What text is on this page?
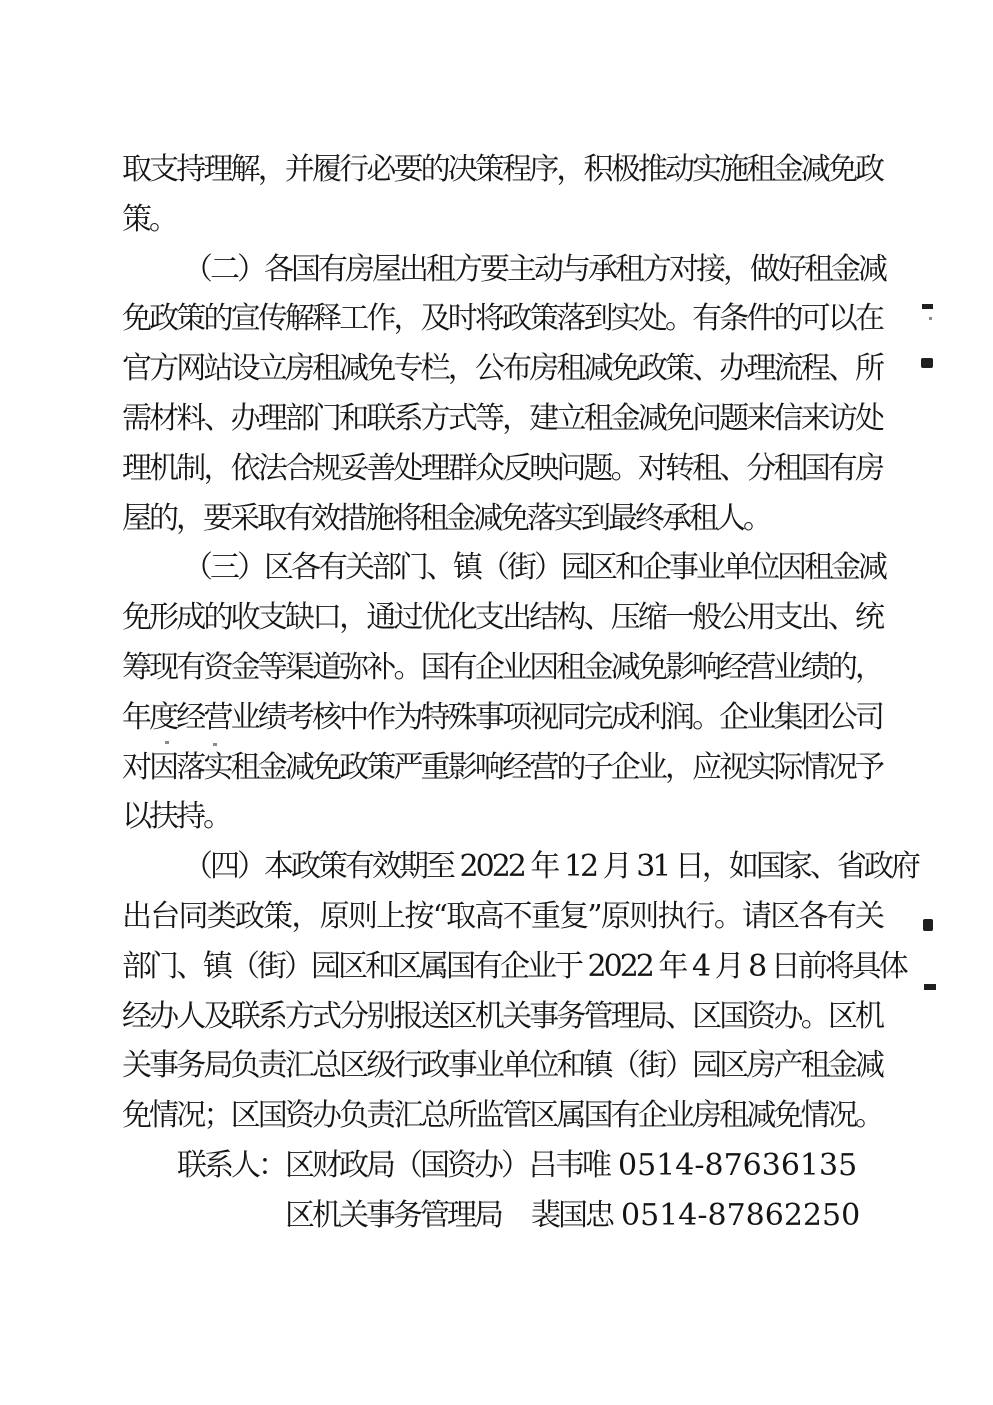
取支持理解，并履行必要的决策程序，积极推动实施租金减免政
策。
（二）各国有房屋出租方要主动与承租方对接，做好租金减
免政策的宣传解释工作，及时将政策落到实处。有条件的可以在
官方网站设立房租减免专栏，公布房租减免政策、办理流程、所
需材料、办理部门和联系方式等，建立租金减免问题来信来访处
理机制，依法合规妥善处理群众反映问题。对转租、分租国有房
屋的，要采取有效措施将租金减免落实到最终承租人。
（三）区各有关部门、镇（街）园区和企事业单位因租金减
免形成的收支缺口，通过优化支出结构、压缩一般公用支出、统
筹现有资金等渠道弥补。国有企业因租金减免影响经营业绩的，
年度经营业绩考核中作为特殊事项视同完成利润。企业集团公司
对因落实租金减免政策严重影响经营的子企业，应视实际情况予
以扶持。
（四）本政策有效期至 2022 年 12 月 31 日，如国家、省政府
出台同类政策，原则上按“取高不重复”原则执行。请区各有关
部门、镇（街）园区和区属国有企业于 2022 年 4 月 8 日前将具体
经办人及联系方式分别报送区机关事务管理局、区国资办。区机
关事务局负责汇总区级行政事业单位和镇（街）园区房产租金减
免情况；区国资办负责汇总所监管区属国有企业房租减免情况。
联系人：区财政局（国资办）吕韦唯 0514-87636135
区机关事务管理局 裴国忠 0514-87862250
